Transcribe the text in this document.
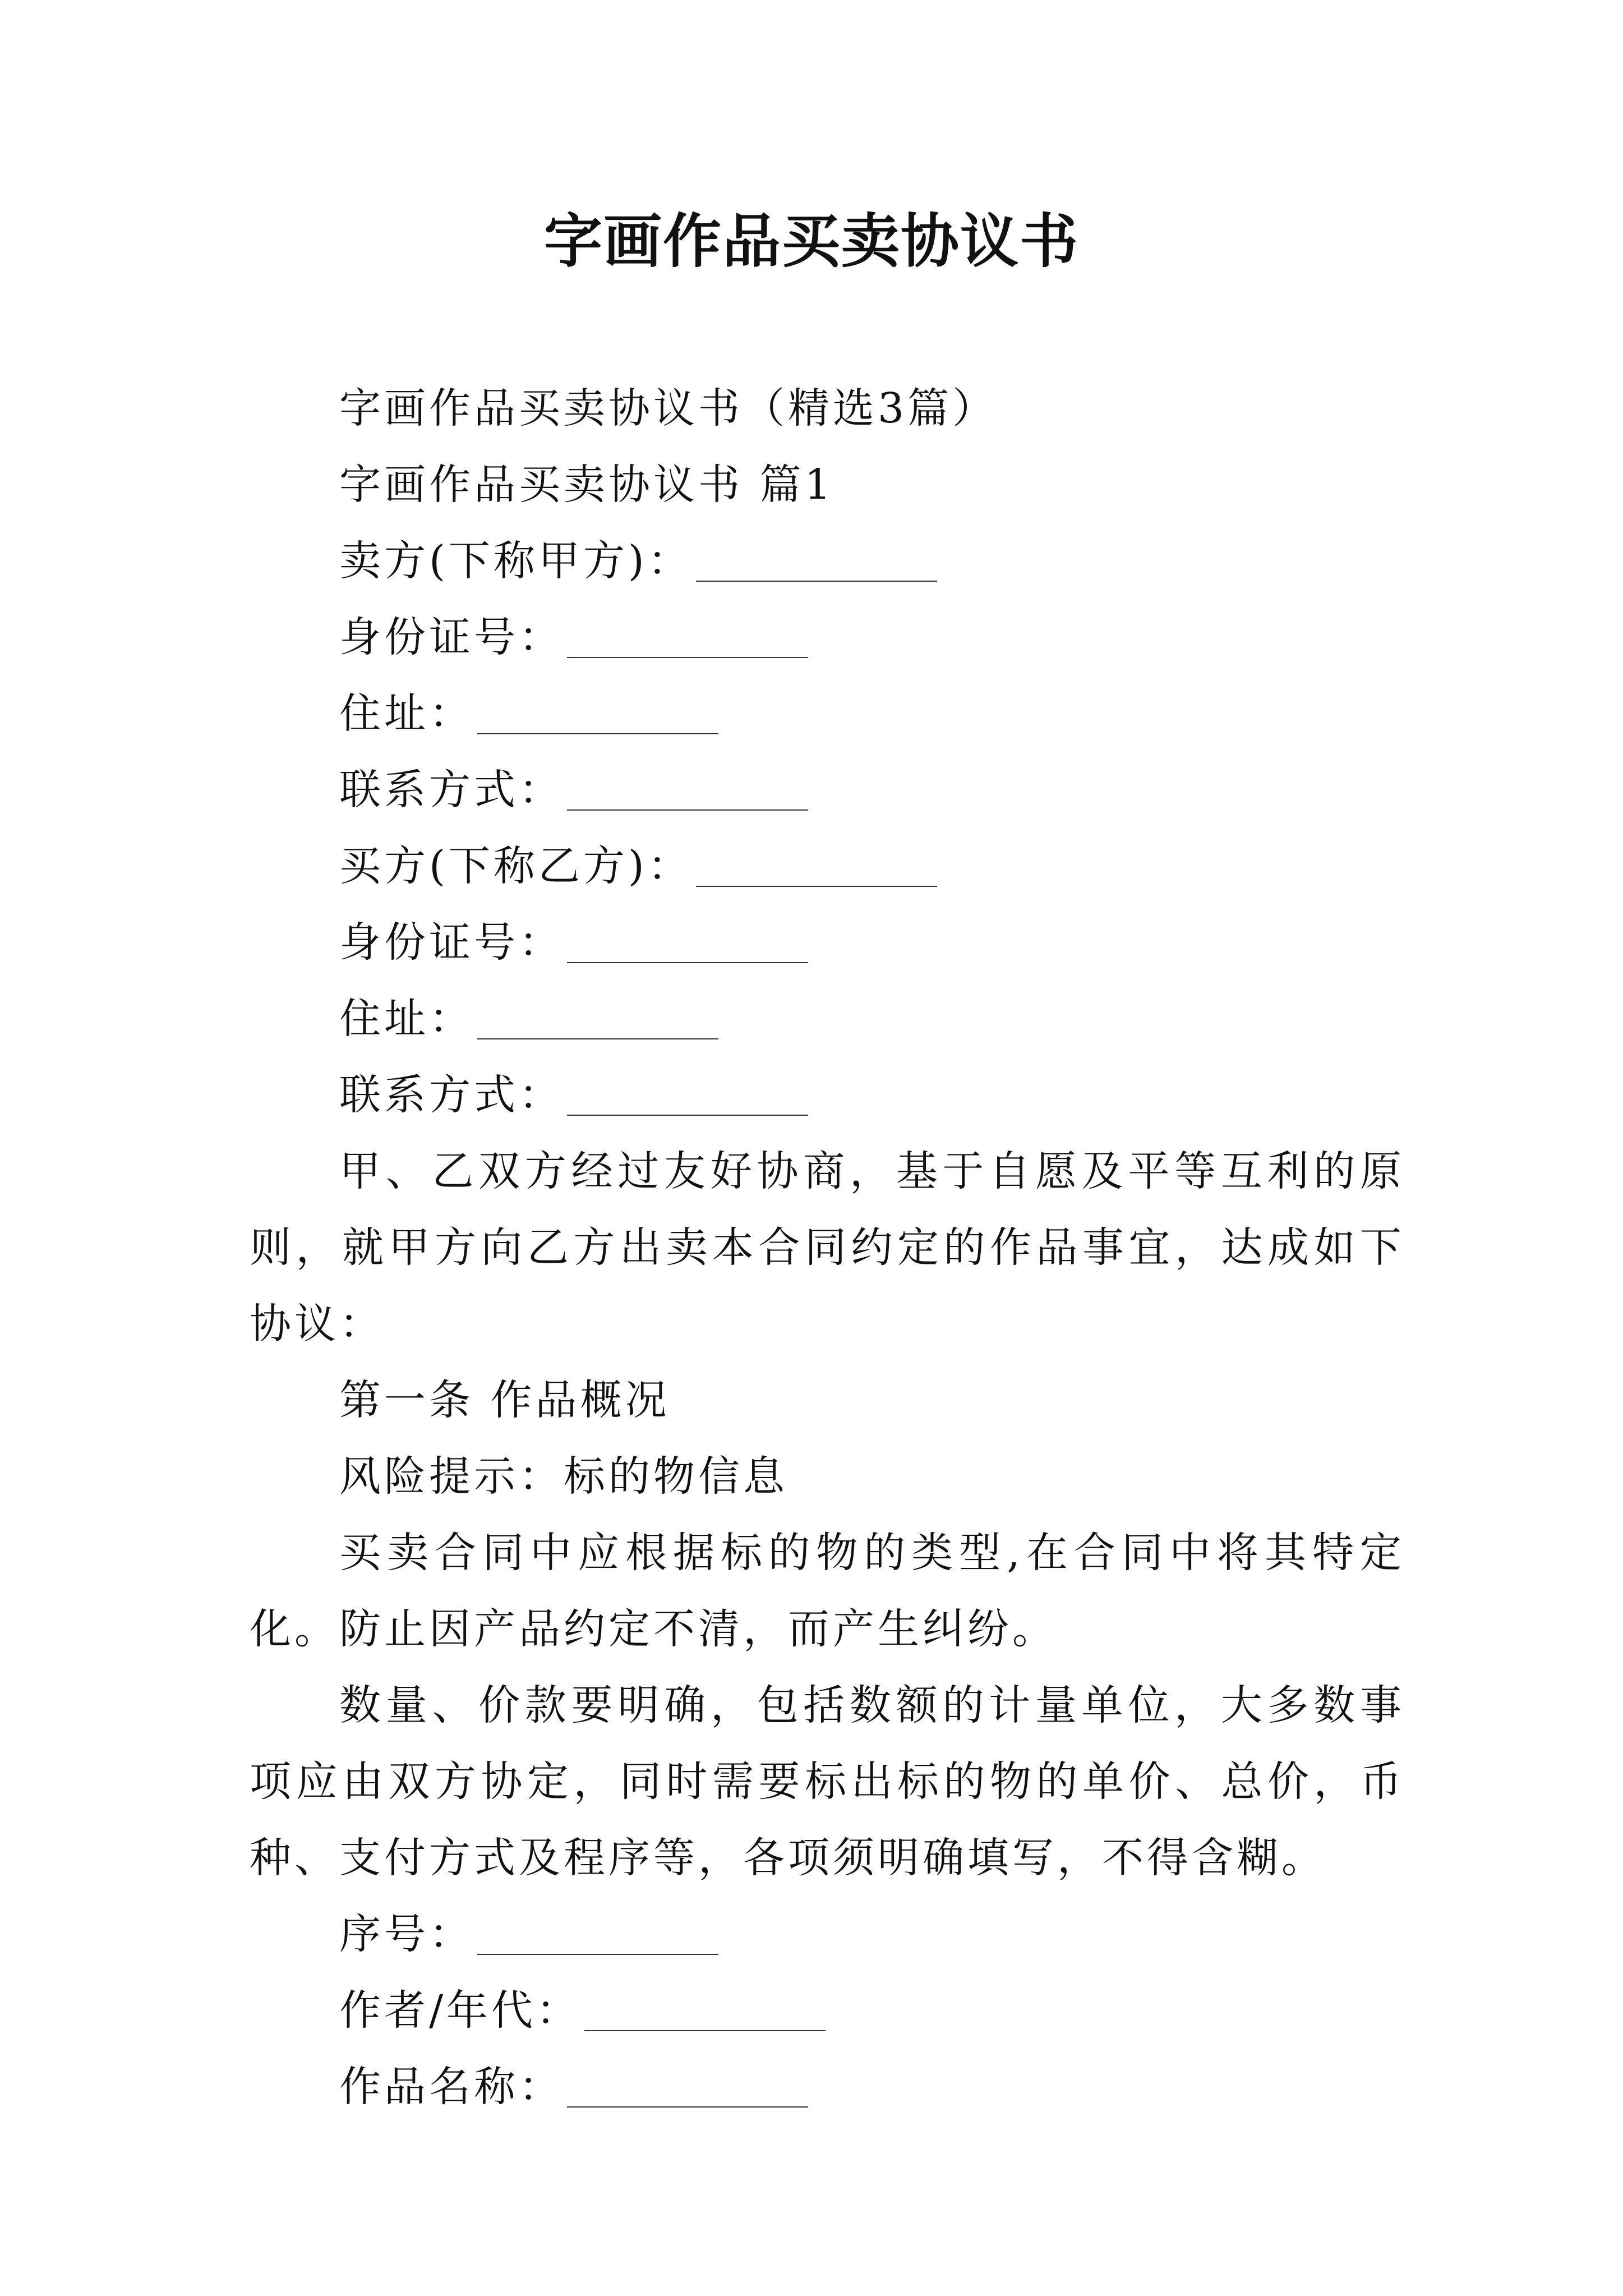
字画作品买卖协议书
字画作品买卖协议书（精选3篇）
字画作品买卖协议书 篇1
卖方(下称甲方)：
身份证号：
住址：
联系方式：
买方(下称乙方)：
身份证号：
住址：
联系方式：
甲、乙双方经过友好协商，基于自愿及平等互利的原则，就甲方向乙方出卖本合同约定的作品事宜，达成如下协议：
第一条 作品概况
风险提示：标的物信息
买卖合同中应根据标的物的类型,在合同中将其特定化。防止因产品约定不清，而产生纠纷。
数量、价款要明确，包括数额的计量单位，大多数事项应由双方协定，同时需要标出标的物的单价、总价，币种、支付方式及程序等，各项须明确填写，不得含糊。
序号：
作者/年代：
作品名称：
